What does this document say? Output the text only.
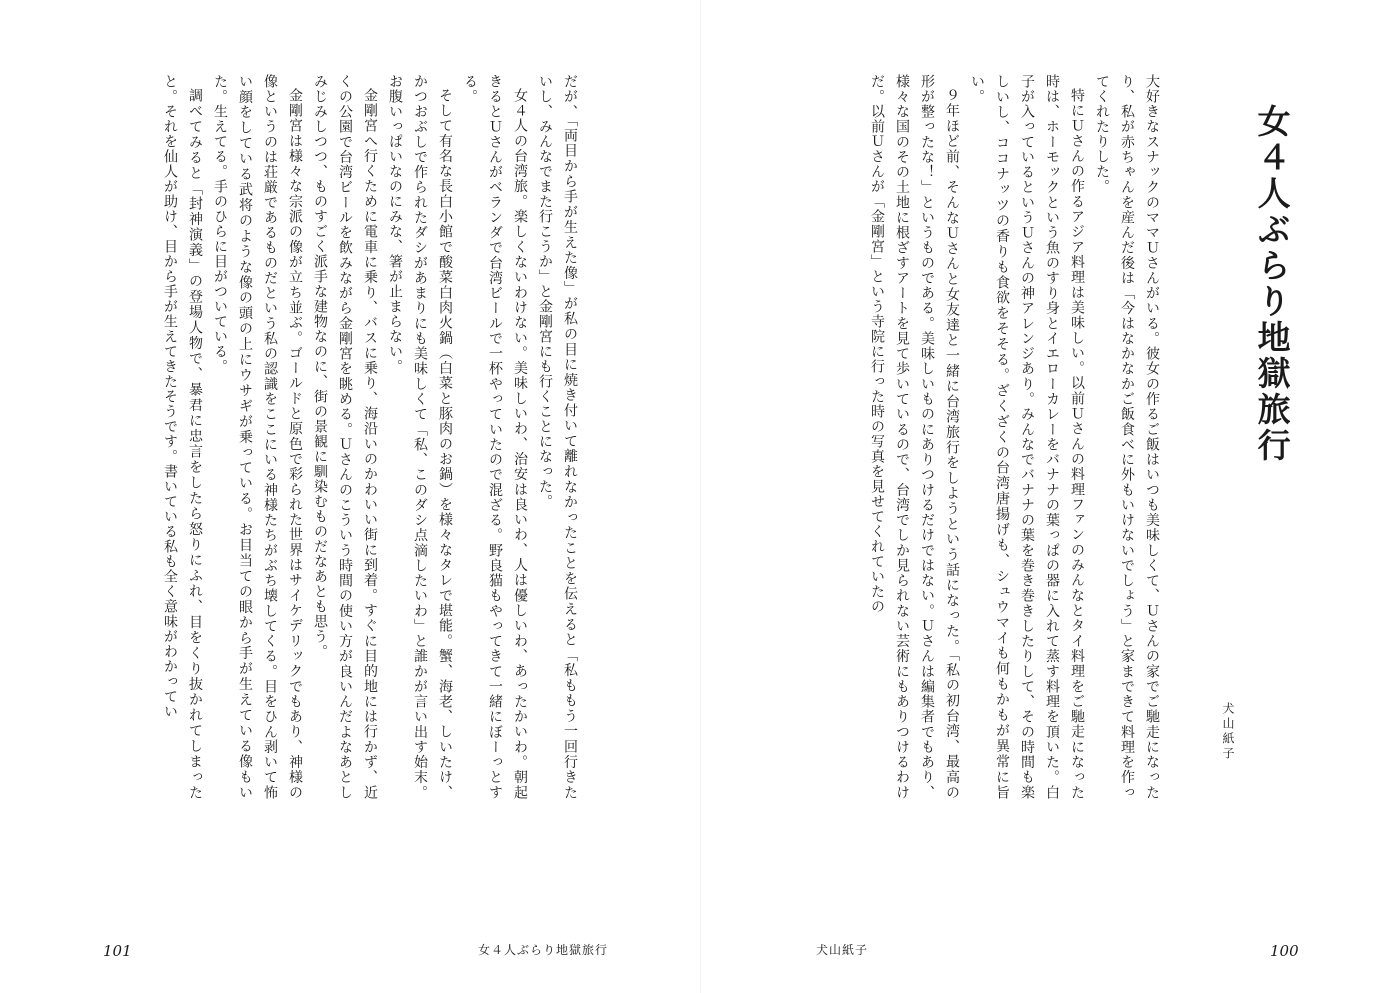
女４人ぶらり地獄旅行
犬山紙子

大好きなスナックのママＵさんがいる。彼女の作るご飯はいつも美味しくて、Ｕさんの家でご馳走になったり、私が赤ちゃんを産んだ後は「今はなかなかご飯食べに外もいけないでしょう」と家まできて料理を作ってくれたりした。

特にＵさんの作るアジア料理は美味しい。以前Ｕさんの料理ファンのみんなとタイ料理をご馳走になった時は、ホーモックという魚のすり身とイエローカレーをバナナの葉っぱの器に入れて蒸す料理を頂いた。白子が入っているというＵさんの神アレンジあり。みんなでバナナの葉を巻き巻きしたりして、その時間も楽しいし、ココナッツの香りも食欲をそそる。ざくざくの台湾唐揚げも、シュウマイも何もかもが異常に旨い。

９年ほど前、そんなＵさんと女友達と一緒に台湾旅行をしようという話になった。「私の初台湾、最高の形が整ったな！」というものである。美味しいものにありつけるだけではない。Ｕさんは編集者でもあり、様々な国のその土地に根ざすアートを見て歩いているので、台湾でしか見られない芸術にもありつけるわけだ。以前Ｕさんが「金剛宮」という寺院に行った時の写真を見せてくれていたの

だが、「両目から手が生えた像」が私の目に焼き付いて離れなかったことを伝えると「私ももう一回行きたいし、みんなでまた行こうか」と金剛宮にも行くことになった。

女４人の台湾旅。楽しくないわけない。美味しいわ、治安は良いわ、人は優しいわ、あったかいわ。朝起きるとＵさんがベランダで台湾ビールで一杯やっていたので混ざる。野良猫もやってきて一緒にぼーっとする。

そして有名な長白小館で酸菜白肉火鍋（白菜と豚肉のお鍋）を様々なタレで堪能。蟹、海老、しいたけ、かつおぶしで作られたダシがあまりにも美味しくて「私、このダシ点滴したいわ」と誰かが言い出す始末。お腹いっぱいなのにみな、箸が止まらない。

金剛宮へ行くために電車に乗り、バスに乗り、海沿いのかわいい街に到着。すぐに目的地には行かず、近くの公園で台湾ビールを飲みながら金剛宮を眺める。Ｕさんのこういう時間の使い方が良いんだよなあとしみじみしつつ、ものすごく派手な建物なのに、街の景観に馴染むものだなあとも思う。

金剛宮は様々な宗派の像が立ち並ぶ。ゴールドと原色で彩られた世界はサイケデリックでもあり、神様の像というのは荘厳であるものだという私の認識をここにいる神様たちがぶち壊してくる。目をひん剥いて怖い顔をしている武将のような像の頭の上にウサギが乗っている。お目当ての眼から手が生えている像もいた。生えてる。手のひらに目がついている。

調べてみると「封神演義」の登場人物で、暴君に忠言をしたら怒りにふれ、目をくり抜かれてしまったと。それを仙人が助け、目から手が生えてきたそうです。書いている私も全く意味がわかってい

101	女４人ぶらり地獄旅行	犬山紙子	100
